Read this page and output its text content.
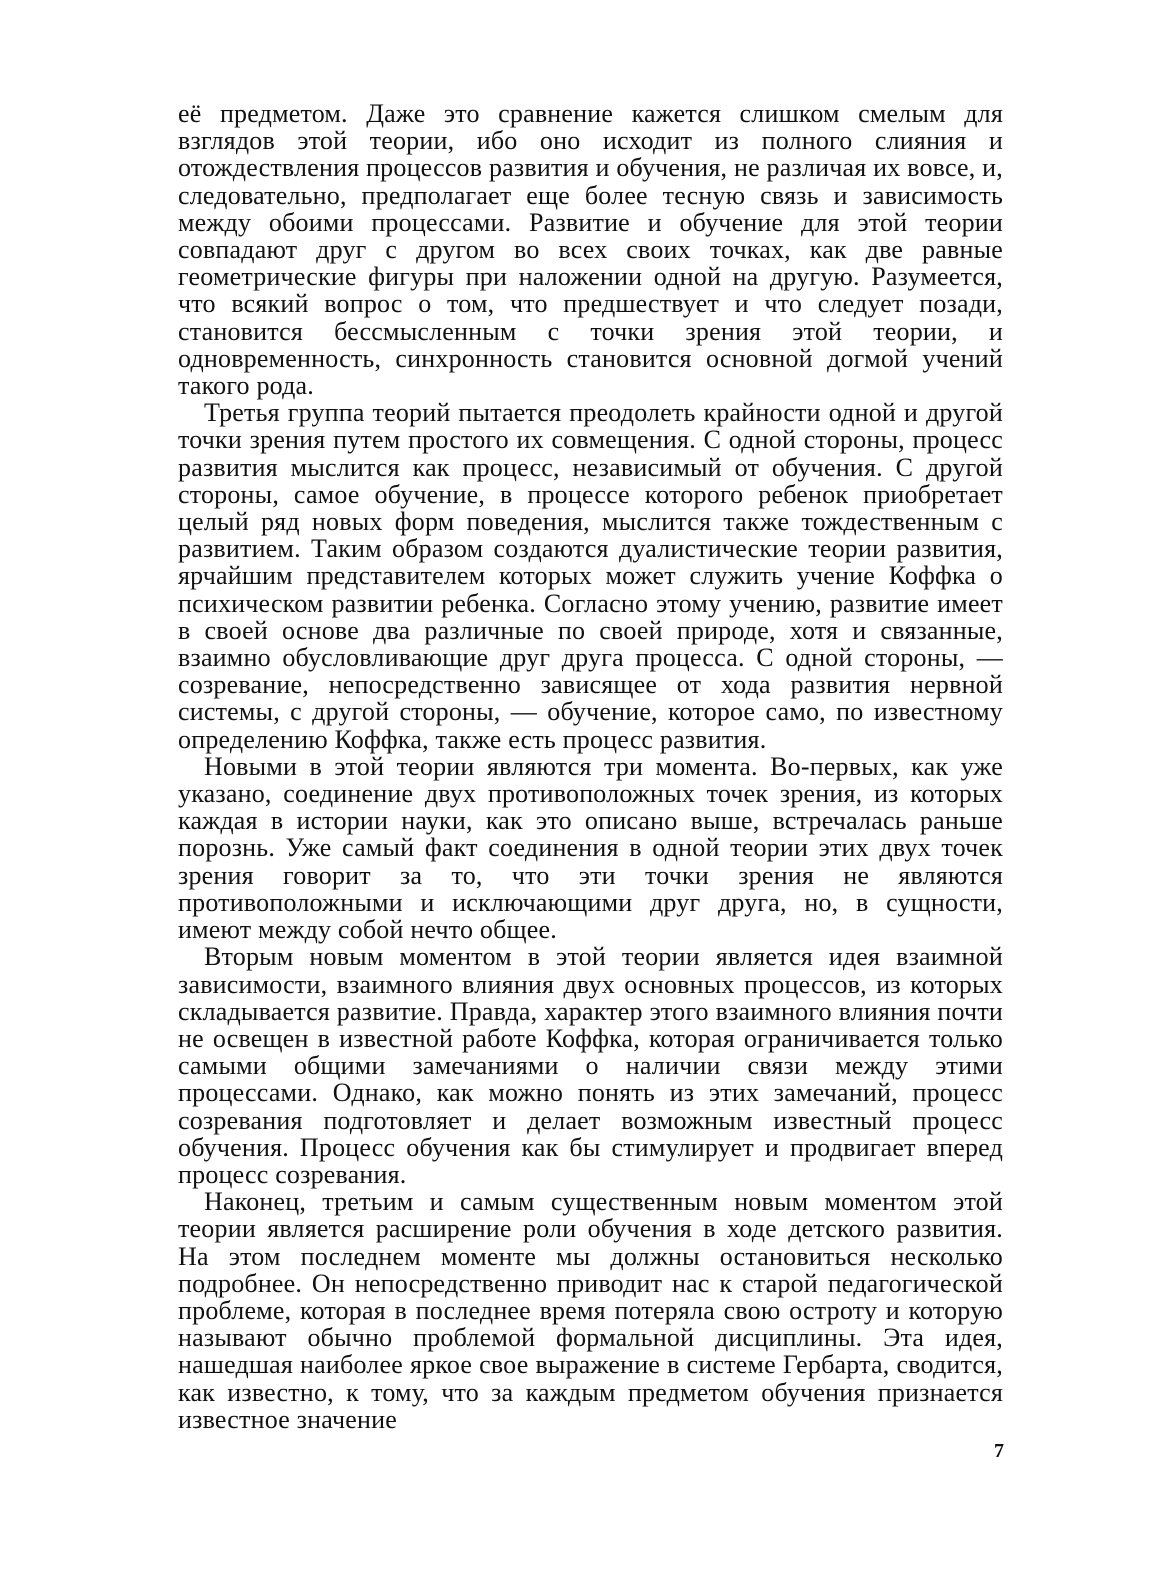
её предметом. Даже это сравнение кажется слишком смелым для взглядов этой теории, ибо оно исходит из полного слияния и отождествления процессов развития и обучения, не различая их вовсе, и, следовательно, предполагает еще более тесную связь и зависимость между обоими процессами. Развитие и обучение для этой теории совпадают друг с другом во всех своих точках, как две равные геометрические фигуры при наложении одной на другую. Разумеется, что всякий вопрос о том, что предшествует и что следует позади, становится бессмысленным с точки зрения этой теории, и одновременность, синхронность становится основной догмой учений такого рода.

Третья группа теорий пытается преодолеть крайности одной и другой точки зрения путем простого их совмещения. С одной стороны, процесс развития мыслится как процесс, независимый от обучения. С другой стороны, самое обучение, в процессе которого ребенок приобретает целый ряд новых форм поведения, мыслится также тождественным с развитием. Таким образом создаются дуалистические теории развития, ярчайшим представителем которых может служить учение Коффка о психическом развитии ребенка. Согласно этому учению, развитие имеет в своей основе два различные по своей природе, хотя и связанные, взаимно обусловливающие друг друга процесса. С одной стороны, — созревание, непосредственно зависящее от хода развития нервной системы, с другой стороны, — обучение, которое само, по известному определению Коффка, также есть процесс развития.

Новыми в этой теории являются три момента. Во-первых, как уже указано, соединение двух противоположных точек зрения, из которых каждая в истории науки, как это описано выше, встречалась раньше порознь. Уже самый факт соединения в одной теории этих двух точек зрения говорит за то, что эти точки зрения не являются противоположными и исключающими друг друга, но, в сущности, имеют между собой нечто общее.

Вторым новым моментом в этой теории является идея взаимной зависимости, взаимного влияния двух основных процессов, из которых складывается развитие. Правда, характер этого взаимного влияния почти не освещен в известной работе Коффка, которая ограничивается только самыми общими замечаниями о наличии связи между этими процессами. Однако, как можно понять из этих замечаний, процесс созревания подготовляет и делает возможным известный процесс обучения. Процесс обучения как бы стимулирует и продвигает вперед процесс созревания.

Наконец, третьим и самым существенным новым моментом этой теории является расширение роли обучения в ходе детского развития. На этом последнем моменте мы должны остановиться несколько подробнее. Он непосредственно приводит нас к старой педагогической проблеме, которая в последнее время потеряла свою остроту и которую называют обычно проблемой формальной дисциплины. Эта идея, нашедшая наиболее яркое свое выражение в системе Гербарта, сводится, как известно, к тому, что за каждым предметом обучения признается известное значение

7
